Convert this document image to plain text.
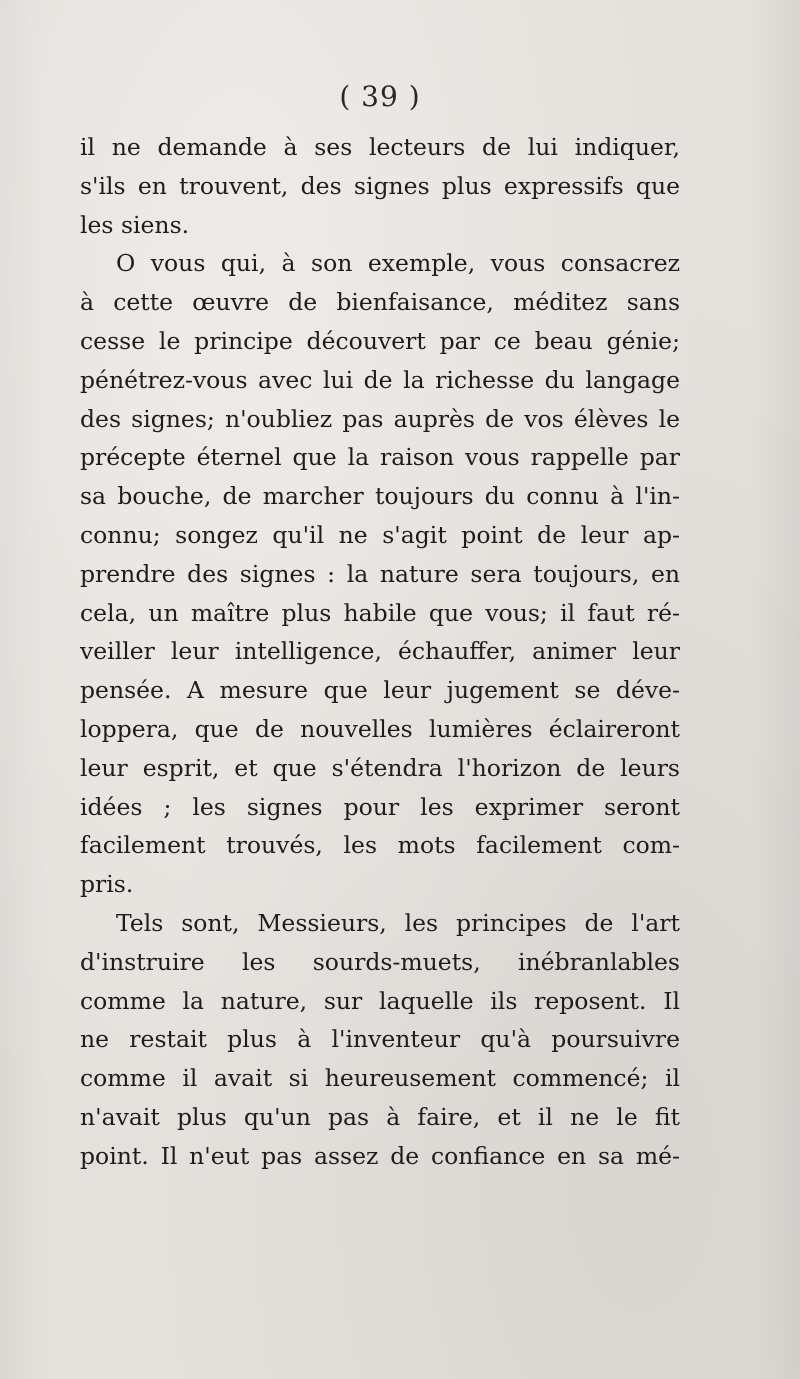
( 39 )
il ne demande à ses lecteurs de lui indiquer,
s'ils en trouvent, des signes plus expressifs que
les siens.
O vous qui, à son exemple, vous consacrez
à cette œuvre de bienfaisance, méditez sans
cesse le principe découvert par ce beau génie;
pénétrez-vous avec lui de la richesse du langage
des signes; n'oubliez pas auprès de vos élèves le
précepte éternel que la raison vous rappelle par
sa bouche, de marcher toujours du connu à l'in-
connu; songez qu'il ne s'agit point de leur ap-
prendre des signes : la nature sera toujours, en
cela, un maître plus habile que vous; il faut ré-
veiller leur intelligence, échauffer, animer leur
pensée. A mesure que leur jugement se déve-
loppera, que de nouvelles lumières éclaireront
leur esprit, et que s'étendra l'horizon de leurs
idées ; les signes pour les exprimer seront
facilement trouvés, les mots facilement com-
pris.
Tels sont, Messieurs, les principes de l'art
d'instruire les sourds-muets, inébranlables
comme la nature, sur laquelle ils reposent. Il
ne restait plus à l'inventeur qu'à poursuivre
comme il avait si heureusement commencé; il
n'avait plus qu'un pas à faire, et il ne le fit
point. Il n'eut pas assez de confiance en sa mé-
